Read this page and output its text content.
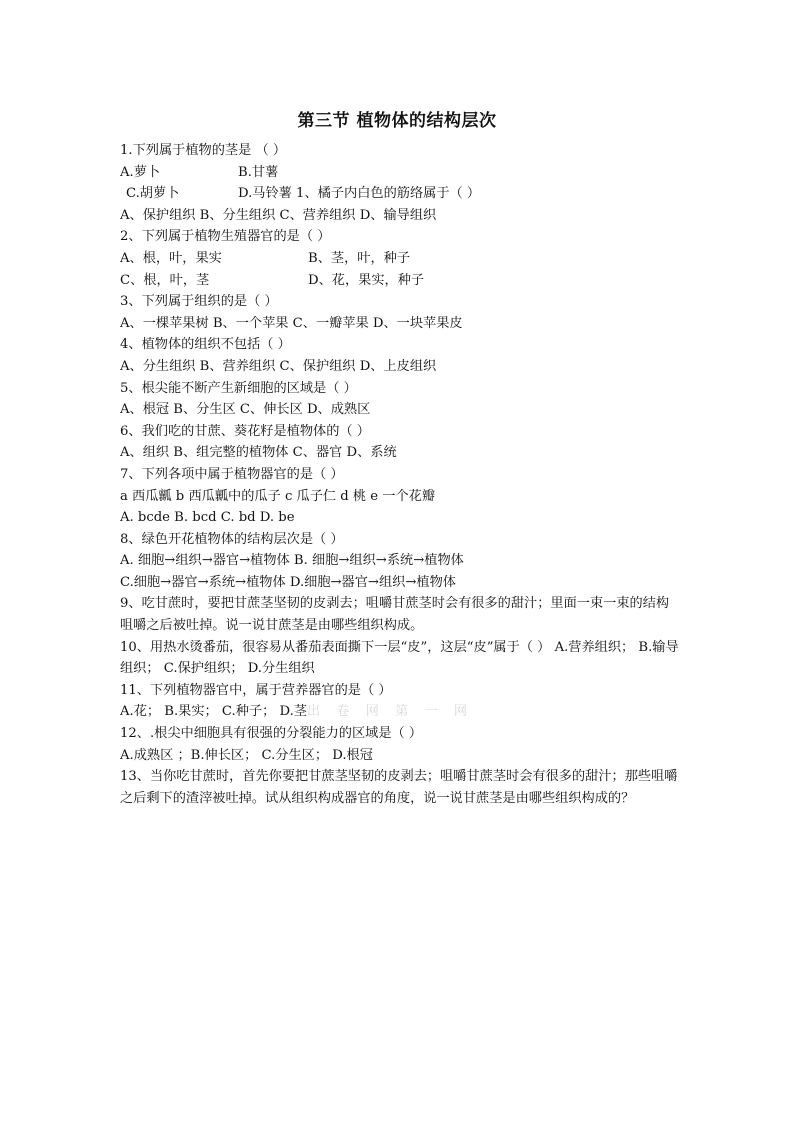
第三节 植物体的结构层次
1.下列属于植物的茎是 （ ）
A.萝卜	B.甘薯
C.胡萝卜	D.马铃薯 1、橘子内白色的筋络属于（ ）
A、保护组织 B、分生组织 C、营养组织 D、输导组织
2、下列属于植物生殖器官的是（ ）
A、根，叶，果实	B、茎，叶，种子
C、根，叶，茎	D、花，果实，种子
3、下列属于组织的是（ ）
A、一棵苹果树 B、一个苹果 C、一瓣苹果 D、一块苹果皮
4、植物体的组织不包括（ ）
A、分生组织 B、营养组织 C、保护组织 D、上皮组织
5、根尖能不断产生新细胞的区域是（ ）
A、根冠 B、分生区 C、伸长区 D、成熟区
6、我们吃的甘蔗、葵花籽是植物体的（ ）
A、组织 B、组完整的植物体 C、器官 D、系统
7、下列各项中属于植物器官的是（ ）
a 西瓜瓤 b 西瓜瓤中的瓜子 c 瓜子仁 d 桃 e 一个花瓣
A. bcde B. bcd C. bd D. be
8、绿色开花植物体的结构层次是（ ）
A. 细胞→组织→器官→植物体 B. 细胞→组织→系统→植物体
C.细胞→器官→系统→植物体 D.细胞→器官→组织→植物体
9、吃甘蔗时，要把甘蔗茎坚韧的皮剥去；咀嚼甘蔗茎时会有很多的甜汁；里面一束一束的结构咀嚼之后被吐掉。说一说甘蔗茎是由哪些组织构成。
10、用热水烫番茄，很容易从番茄表面撕下一层“皮”，这层“皮”属于（ ） A.营养组织； B.输导组织； C.保护组织； D.分生组织
11、下列植物器官中，属于营养器官的是（ ）
A.花； B.果实； C.种子； D.茎出 卷 网 第 一 网
12、.根尖中细胞具有很强的分裂能力的区域是（ ）
A.成熟区 ；B.伸长区； C.分生区； D.根冠
13、当你吃甘蔗时，首先你要把甘蔗茎坚韧的皮剥去；咀嚼甘蔗茎时会有很多的甜汁；那些咀嚼之后剩下的渣滓被吐掉。试从组织构成器官的角度，说一说甘蔗茎是由哪些组织构成的？
